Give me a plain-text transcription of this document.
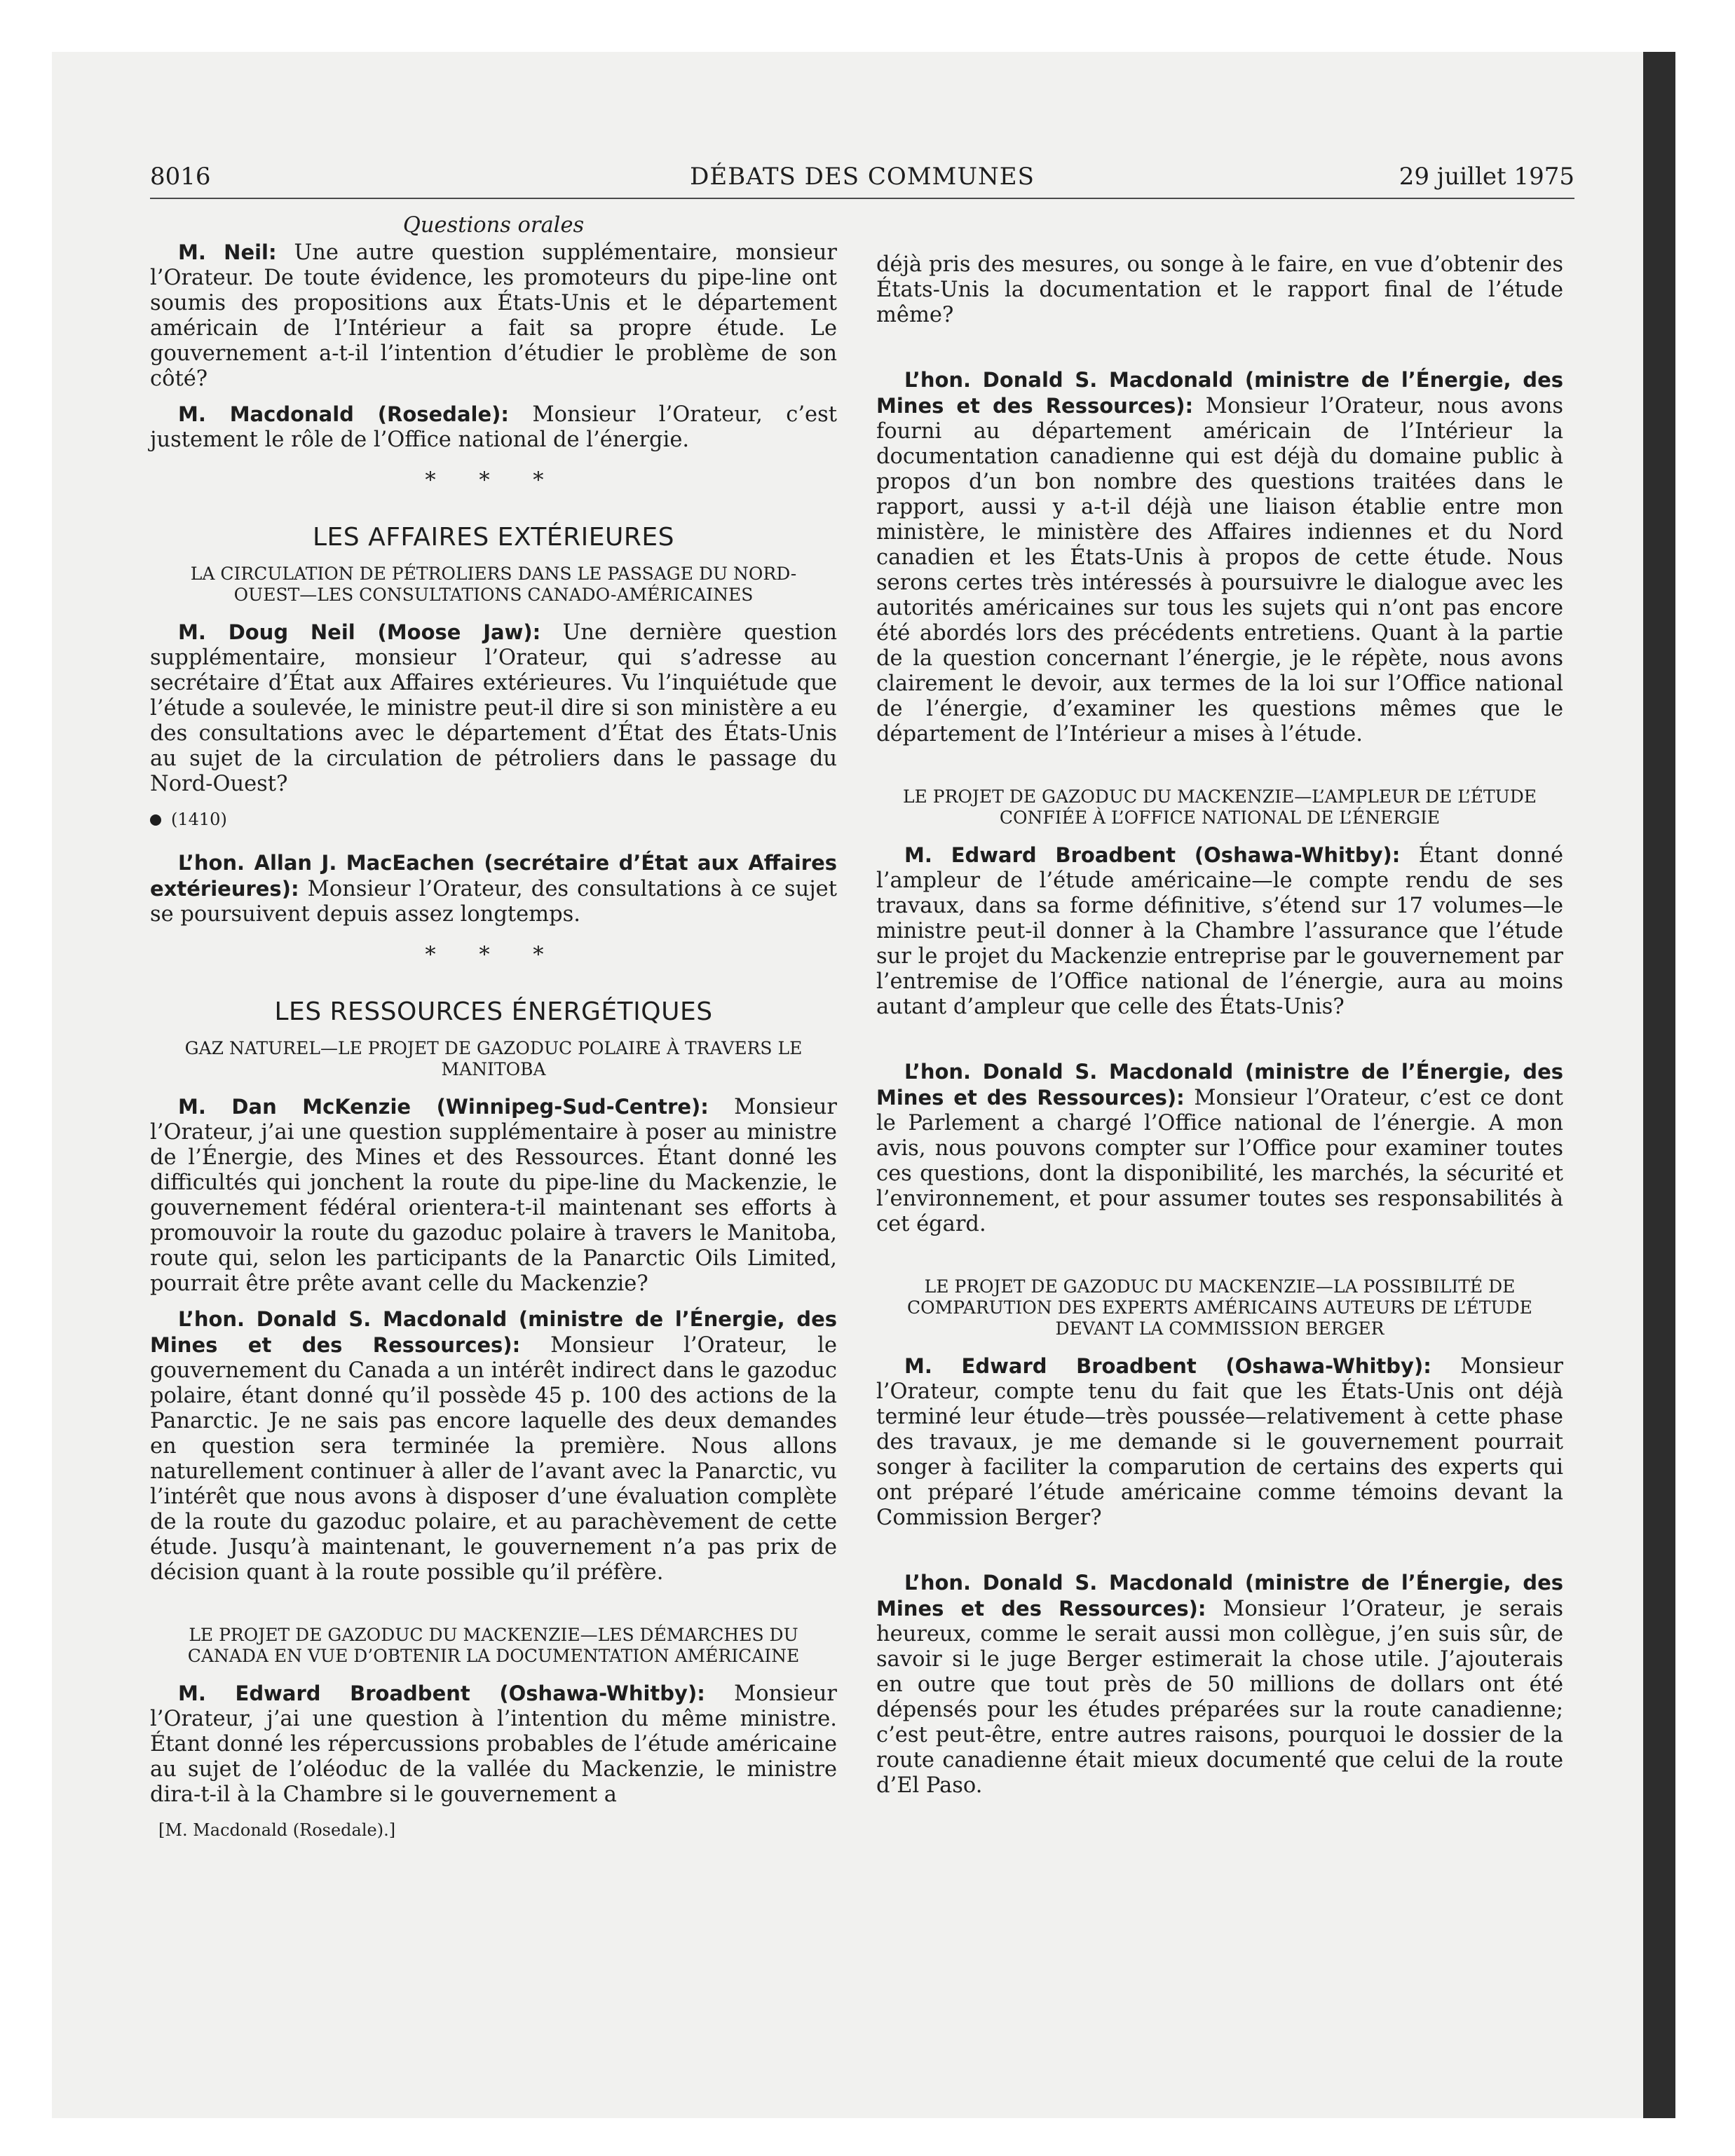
8016	DÉBATS DES COMMUNES	29 juillet 1975
Questions orales

M. Neil: Une autre question supplémentaire, monsieur l’Orateur. De toute évidence, les promoteurs du pipe-line ont soumis des propositions aux États-Unis et le département américain de l’Intérieur a fait sa propre étude. Le gouvernement a-t-il l’intention d’étudier le problème de son côté?

M. Macdonald (Rosedale): Monsieur l’Orateur, c’est justement le rôle de l’Office national de l’énergie.

* * *
LES AFFAIRES EXTÉRIEURES
LA CIRCULATION DE PÉTROLIERS DANS LE PASSAGE DU NORD-OUEST—LES CONSULTATIONS CANADO-AMÉRICAINES

M. Doug Neil (Moose Jaw): Une dernière question supplémentaire, monsieur l’Orateur, qui s’adresse au secrétaire d’État aux Affaires extérieures. Vu l’inquiétude que l’étude a soulevée, le ministre peut-il dire si son ministère a eu des consultations avec le département d’État des États-Unis au sujet de la circulation de pétroliers dans le passage du Nord-Ouest?

(1410)

L’hon. Allan J. MacEachen (secrétaire d’État aux Affaires extérieures): Monsieur l’Orateur, des consultations à ce sujet se poursuivent depuis assez longtemps.

* * *
LES RESSOURCES ÉNERGÉTIQUES
GAZ NATUREL—LE PROJET DE GAZODUC POLAIRE À TRAVERS LE MANITOBA

M. Dan McKenzie (Winnipeg-Sud-Centre): Monsieur l’Orateur, j’ai une question supplémentaire à poser au ministre de l’Énergie, des Mines et des Ressources. Étant donné les difficultés qui jonchent la route du pipe-line du Mackenzie, le gouvernement fédéral orientera-t-il maintenant ses efforts à promouvoir la route du gazoduc polaire à travers le Manitoba, route qui, selon les participants de la Panarctic Oils Limited, pourrait être prête avant celle du Mackenzie?

L’hon. Donald S. Macdonald (ministre de l’Énergie, des Mines et des Ressources): Monsieur l’Orateur, le gouvernement du Canada a un intérêt indirect dans le gazoduc polaire, étant donné qu’il possède 45 p. 100 des actions de la Panarctic. Je ne sais pas encore laquelle des deux demandes en question sera terminée la première. Nous allons naturellement continuer à aller de l’avant avec la Panarctic, vu l’intérêt que nous avons à disposer d’une évaluation complète de la route du gazoduc polaire, et au parachèvement de cette étude. Jusqu’à maintenant, le gouvernement n’a pas prix de décision quant à la route possible qu’il préfère.

LE PROJET DE GAZODUC DU MACKENZIE—LES DÉMARCHES DU CANADA EN VUE D’OBTENIR LA DOCUMENTATION AMÉRICAINE

M. Edward Broadbent (Oshawa-Whitby): Monsieur l’Orateur, j’ai une question à l’intention du même ministre. Étant donné les répercussions probables de l’étude américaine au sujet de l’oléoduc de la vallée du Mackenzie, le ministre dira-t-il à la Chambre si le gouvernement a

[M. Macdonald (Rosedale).]

déjà pris des mesures, ou songe à le faire, en vue d’obtenir des États-Unis la documentation et le rapport final de l’étude même?

L’hon. Donald S. Macdonald (ministre de l’Énergie, des Mines et des Ressources): Monsieur l’Orateur, nous avons fourni au département américain de l’Intérieur la documentation canadienne qui est déjà du domaine public à propos d’un bon nombre des questions traitées dans le rapport, aussi y a-t-il déjà une liaison établie entre mon ministère, le ministère des Affaires indiennes et du Nord canadien et les États-Unis à propos de cette étude. Nous serons certes très intéressés à poursuivre le dialogue avec les autorités américaines sur tous les sujets qui n’ont pas encore été abordés lors des précédents entretiens. Quant à la partie de la question concernant l’énergie, je le répète, nous avons clairement le devoir, aux termes de la loi sur l’Office national de l’énergie, d’examiner les questions mêmes que le département de l’Intérieur a mises à l’étude.

LE PROJET DE GAZODUC DU MACKENZIE—L’AMPLEUR DE L’ÉTUDE CONFIÉE À L’OFFICE NATIONAL DE L’ÉNERGIE

M. Edward Broadbent (Oshawa-Whitby): Étant donné l’ampleur de l’étude américaine—le compte rendu de ses travaux, dans sa forme définitive, s’étend sur 17 volumes—le ministre peut-il donner à la Chambre l’assurance que l’étude sur le projet du Mackenzie entreprise par le gouvernement par l’entremise de l’Office national de l’énergie, aura au moins autant d’ampleur que celle des États-Unis?

L’hon. Donald S. Macdonald (ministre de l’Énergie, des Mines et des Ressources): Monsieur l’Orateur, c’est ce dont le Parlement a chargé l’Office national de l’énergie. A mon avis, nous pouvons compter sur l’Office pour examiner toutes ces questions, dont la disponibilité, les marchés, la sécurité et l’environnement, et pour assumer toutes ses responsabilités à cet égard.

LE PROJET DE GAZODUC DU MACKENZIE—LA POSSIBILITÉ DE COMPARUTION DES EXPERTS AMÉRICAINS AUTEURS DE L’ÉTUDE DEVANT LA COMMISSION BERGER

M. Edward Broadbent (Oshawa-Whitby): Monsieur l’Orateur, compte tenu du fait que les États-Unis ont déjà terminé leur étude—très poussée—relativement à cette phase des travaux, je me demande si le gouvernement pourrait songer à faciliter la comparution de certains des experts qui ont préparé l’étude américaine comme témoins devant la Commission Berger?

L’hon. Donald S. Macdonald (ministre de l’Énergie, des Mines et des Ressources): Monsieur l’Orateur, je serais heureux, comme le serait aussi mon collègue, j’en suis sûr, de savoir si le juge Berger estimerait la chose utile. J’ajouterais en outre que tout près de 50 millions de dollars ont été dépensés pour les études préparées sur la route canadienne; c’est peut-être, entre autres raisons, pourquoi le dossier de la route canadienne était mieux documenté que celui de la route d’El Paso.
